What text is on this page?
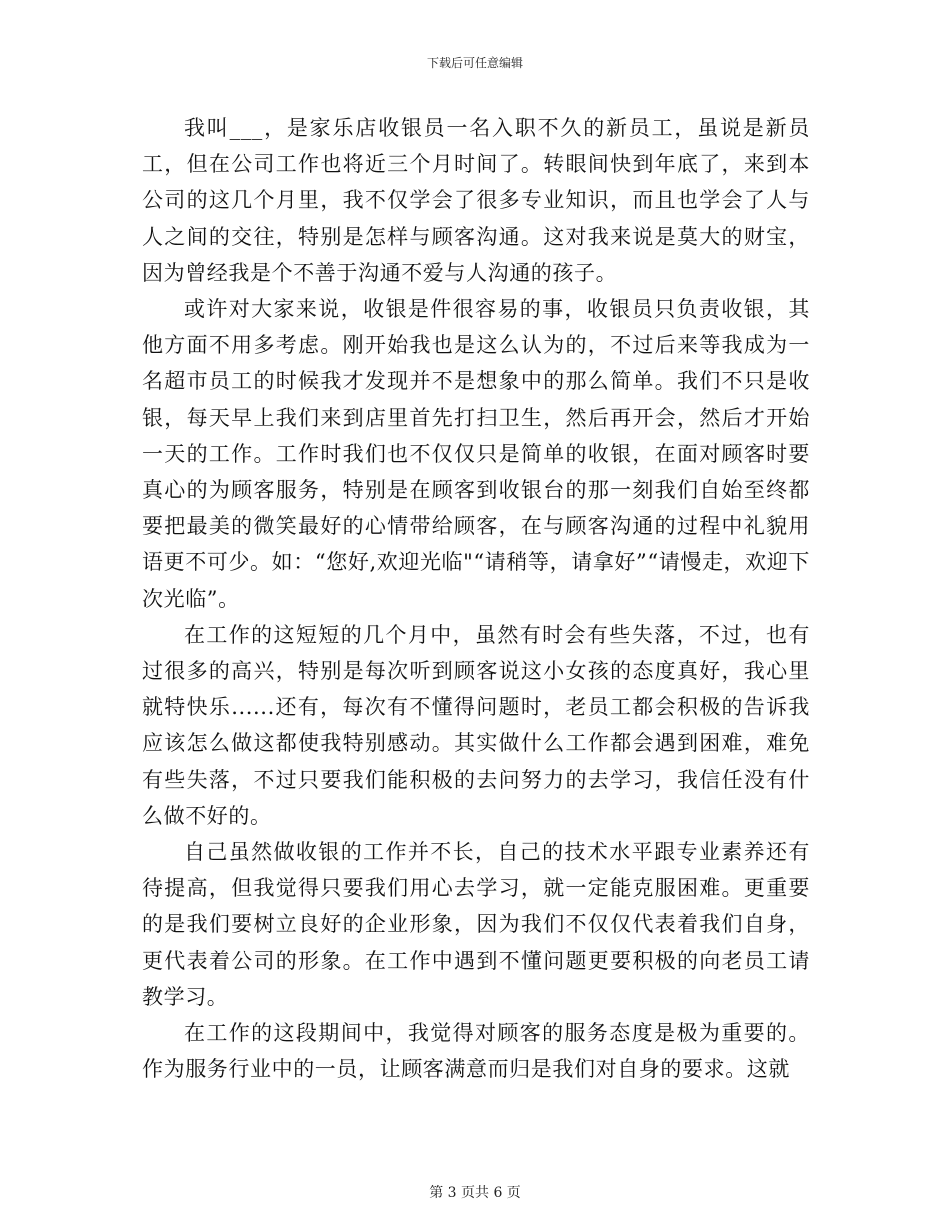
下载后可任意编辑

我叫___，是家乐店收银员一名入职不久的新员工，虽说是新员工，但在公司工作也将近三个月时间了。转眼间快到年底了，来到本公司的这几个月里，我不仅学会了很多专业知识，而且也学会了人与人之间的交往，特别是怎样与顾客沟通。这对我来说是莫大的财宝，因为曾经我是个不善于沟通不爱与人沟通的孩子。

或许对大家来说，收银是件很容易的事，收银员只负责收银，其他方面不用多考虑。刚开始我也是这么认为的，不过后来等我成为一名超市员工的时候我才发现并不是想象中的那么简单。我们不只是收银，每天早上我们来到店里首先打扫卫生，然后再开会，然后才开始一天的工作。工作时我们也不仅仅只是简单的收银，在面对顾客时要真心的为顾客服务，特别是在顾客到收银台的那一刻我们自始至终都要把最美的微笑最好的心情带给顾客，在与顾客沟通的过程中礼貌用语更不可少。如：“您好,欢迎光临"“请稍等，请拿好”“请慢走，欢迎下次光临”。

在工作的这短短的几个月中，虽然有时会有些失落，不过，也有过很多的高兴，特别是每次听到顾客说这小女孩的态度真好，我心里就特快乐......还有，每次有不懂得问题时，老员工都会积极的告诉我应该怎么做这都使我特别感动。其实做什么工作都会遇到困难，难免有些失落，不过只要我们能积极的去问努力的去学习，我信任没有什么做不好的。

自己虽然做收银的工作并不长，自己的技术水平跟专业素养还有待提高，但我觉得只要我们用心去学习，就一定能克服困难。更重要的是我们要树立良好的企业形象，因为我们不仅仅代表着我们自身，更代表着公司的形象。在工作中遇到不懂问题更要积极的向老员工请教学习。

在工作的这段期间中，我觉得对顾客的服务态度是极为重要的。作为服务行业中的一员，让顾客满意而归是我们对自身的要求。这就

第 3 页共 6 页
